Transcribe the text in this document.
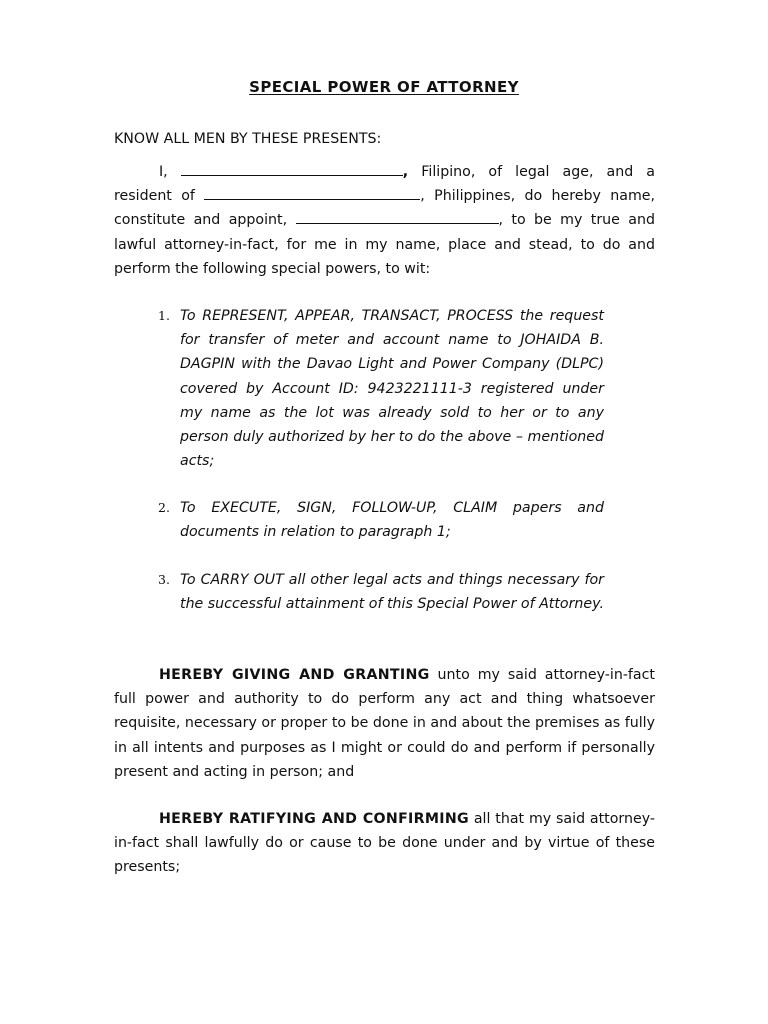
SPECIAL POWER OF ATTORNEY
KNOW ALL MEN BY THESE PRESENTS:
I,	, Filipino, of legal age, and a resident of	, Philippines, do hereby name, constitute and appoint,	, to be my true and lawful attorney-in-fact, for me in my name, place and stead, to do and perform the following special powers, to wit:
1. To REPRESENT, APPEAR, TRANSACT, PROCESS the request for transfer of meter and account name to JOHAIDA B. DAGPIN with the Davao Light and Power Company (DLPC) covered by Account ID: 9423221111-3 registered under my name as the lot was already sold to her or to any person duly authorized by her to do the above – mentioned acts;
2. To EXECUTE, SIGN, FOLLOW-UP, CLAIM papers and documents in relation to paragraph 1;
3. To CARRY OUT all other legal acts and things necessary for the successful attainment of this Special Power of Attorney.
HEREBY GIVING AND GRANTING unto my said attorney-in-fact full power and authority to do perform any act and thing whatsoever requisite, necessary or proper to be done in and about the premises as fully in all intents and purposes as I might or could do and perform if personally present and acting in person; and
HEREBY RATIFYING AND CONFIRMING all that my said attorney-in-fact shall lawfully do or cause to be done under and by virtue of these presents;
